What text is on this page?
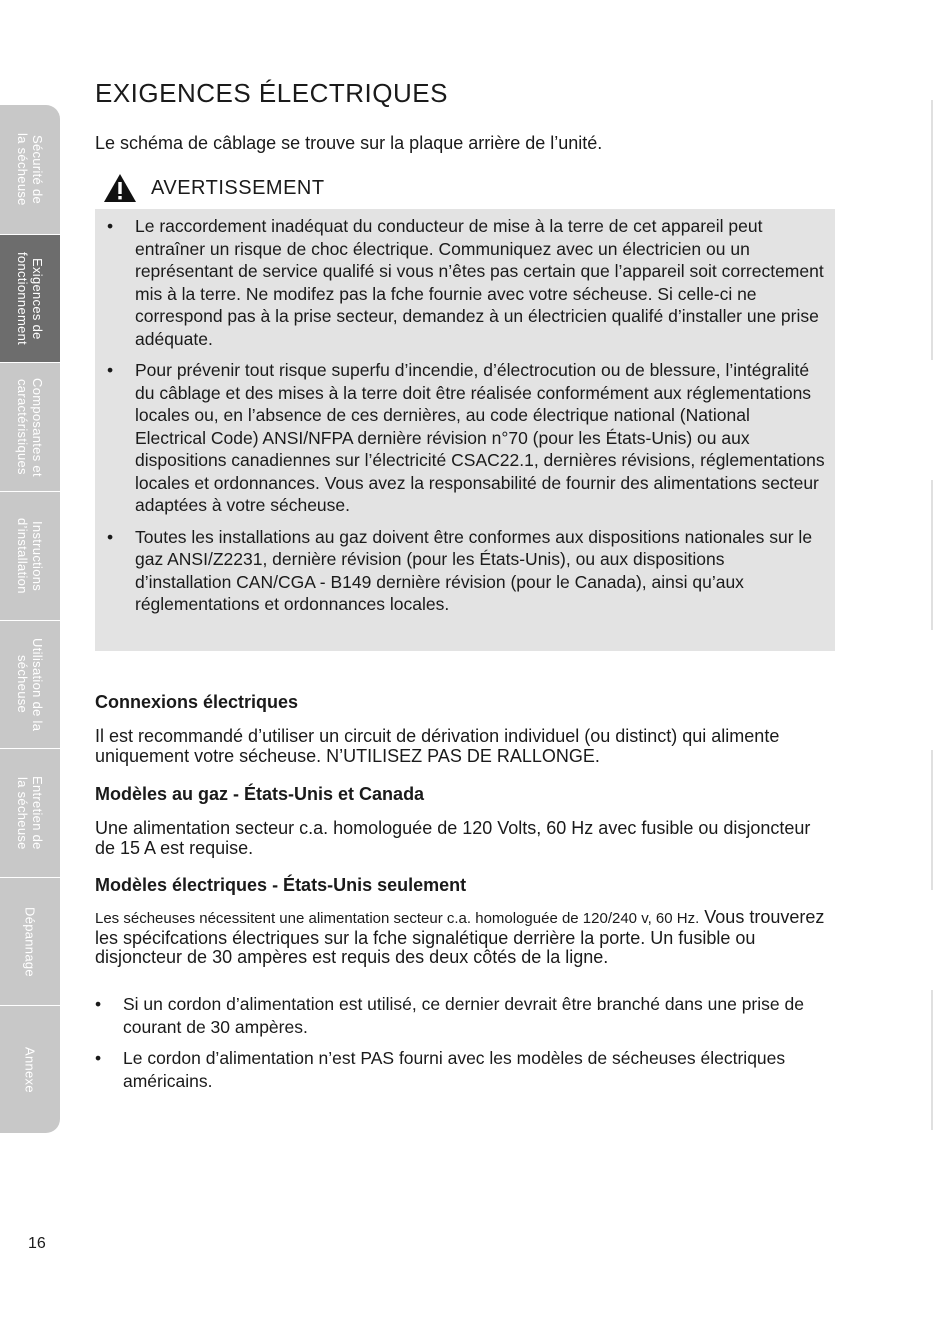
Sécurité de
la sécheuse
Exigences de
fonctionnement
Composantes et
caractéristiques
Instructions
d’installation
Utilisation de la
sécheuse
Entretien de
la sécheuse
Dépannage
Annexe
EXIGENCES ÉLECTRIQUES

Le schéma de câblage se trouve sur la plaque arrière de l’unité.

AVERTISSEMENT
• Le raccordement inadéquat du conducteur de mise à la terre de cet appareil peut entraîner un risque de choc électrique. Communiquez avec un électricien ou un représentant de service qualifé si vous n’êtes pas certain que l’appareil soit correctement mis à la terre. Ne modifez pas la fche fournie avec votre sécheuse. Si celle-ci ne correspond pas à la prise secteur, demandez à un électricien qualifé d’installer une prise adéquate.
• Pour prévenir tout risque superfu d’incendie, d’électrocution ou de blessure, l’intégralité du câblage et des mises à la terre doit être réalisée conformément aux réglementations locales ou, en l’absence de ces dernières, au code électrique national (National Electrical Code) ANSI/NFPA dernière révision n°70 (pour les États-Unis) ou aux dispositions canadiennes sur l’électricité CSAC22.1, dernières révisions, réglementations locales et ordonnances. Vous avez la responsabilité de fournir des alimentations secteur adaptées à votre sécheuse.
• Toutes les installations au gaz doivent être conformes aux dispositions nationales sur le gaz ANSI/Z2231, dernière révision (pour les États-Unis), ou aux dispositions d’installation CAN/CGA - B149 dernière révision (pour le Canada), ainsi qu’aux réglementations et ordonnances locales.
Connexions électriques

Il est recommandé d’utiliser un circuit de dérivation individuel (ou distinct) qui alimente uniquement votre sécheuse. N’UTILISEZ PAS DE RALLONGE.

Modèles au gaz - États-Unis et Canada

Une alimentation secteur c.a. homologuée de 120 Volts, 60 Hz avec fusible ou disjoncteur de 15 A est requise.

Modèles électriques - États-Unis seulement

Les sécheuses nécessitent une alimentation secteur c.a. homologuée de 120/240 v, 60 Hz. Vous trouverez les spécifcations électriques sur la fche signalétique derrière la porte. Un fusible ou disjoncteur de 30 ampères est requis des deux côtés de la ligne.

• Si un cordon d’alimentation est utilisé, ce dernier devrait être branché dans une prise de courant de 30 ampères.
• Le cordon d’alimentation n’est PAS fourni avec les modèles de sécheuses électriques américains.
16
